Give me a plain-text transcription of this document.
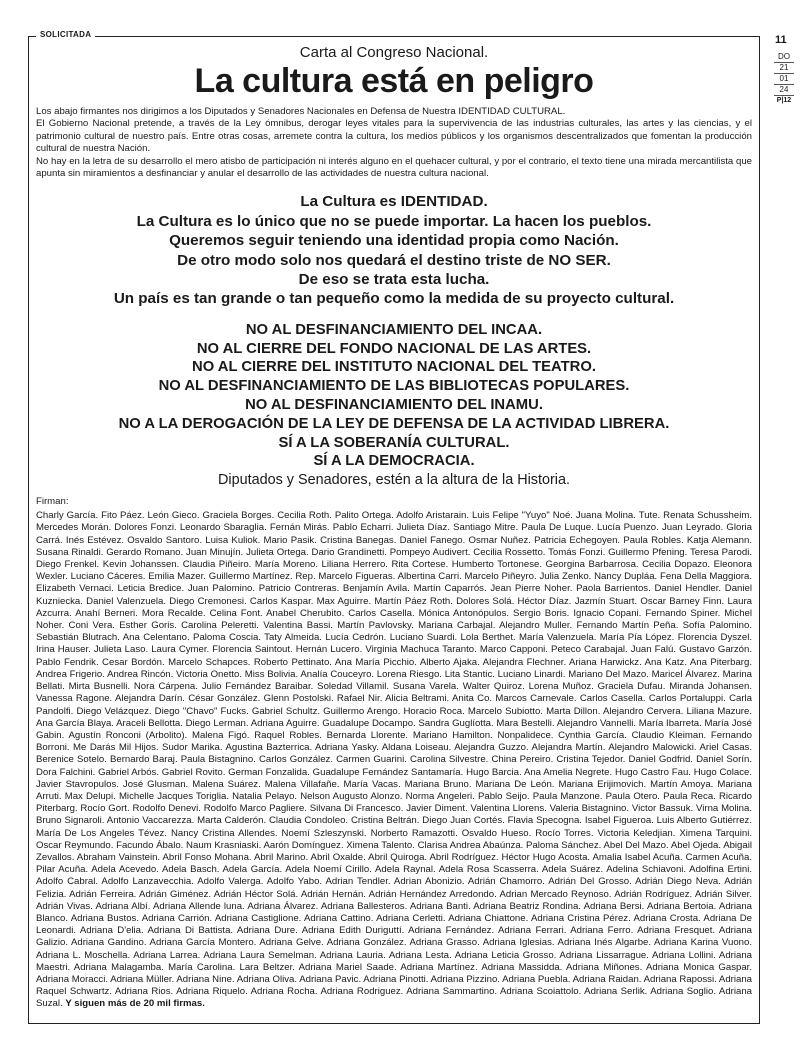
SOLICITADA	11
DO
21
01
24
P|12

Carta al Congreso Nacional.

La cultura está en peligro

Los abajo firmantes nos dirigimos a los Diputados y Senadores Nacionales en Defensa de Nuestra IDENTIDAD CULTURAL.

El Gobierno Nacional pretende, a través de la Ley ómnibus, derogar leyes vitales para la supervivencia de las industrias culturales, las artes y las ciencias, y el patrimonio cultural de nuestro país. Entre otras cosas, arremete contra la cultura, los medios públicos y los organismos descentralizados que fomentan la producción cultural de nuestra Nación.

No hay en la letra de su desarrollo el mero atisbo de participación ni interés alguno en el quehacer cultural, y por el contrario, el texto tiene una mirada mercantilista que apunta sin miramientos a desfinanciar y anular el desarrollo de las actividades de nuestra cultura nacional.

La Cultura es IDENTIDAD.
La Cultura es lo único que no se puede importar. La hacen los pueblos.
Queremos seguir teniendo una identidad propia como Nación.
De otro modo solo nos quedará el destino triste de NO SER.
De eso se trata esta lucha.
Un país es tan grande o tan pequeño como la medida de su proyecto cultural.
NO AL DESFINANCIAMIENTO DEL INCAA.
NO AL CIERRE DEL FONDO NACIONAL DE LAS ARTES.
NO AL CIERRE DEL INSTITUTO NACIONAL DEL TEATRO.
NO AL DESFINANCIAMIENTO DE LAS BIBLIOTECAS POPULARES.
NO AL DESFINANCIAMIENTO DEL INAMU.
NO A LA DEROGACIÓN DE LA LEY DE DEFENSA DE LA ACTIVIDAD LIBRERA.
SÍ A LA SOBERANÍA CULTURAL.
SÍ A LA DEMOCRACIA.
Diputados y Senadores, estén a la altura de la Historia.
Firman:
Charly García. Fito Páez. León Gieco. Graciela Borges. Cecilia Roth. Palito Ortega. Adolfo Aristarain. Luis Felipe "Yuyo" Noé. Juana Molina. Tute. Renata Schussheim. Mercedes Morán. Dolores Fonzi. Leonardo Sbaraglia. Fernán Mirás. Pablo Echarri. Julieta Díaz. Santiago Mitre. Paula De Luque. Lucía Puenzo. Juan Leyrado. Gloria Carrá. Inés Estévez. Osvaldo Santoro. Luisa Kuliok. Mario Pasik. Cristina Banegas. Daniel Fanego. Osmar Nuñez. Patricia Echegoyen. Paula Robles. Katja Alemann. Susana Rinaldi. Gerardo Romano. Juan Minujín. Julieta Ortega. Dario Grandinetti. Pompeyo Audivert. Cecilia Rossetto. Tomás Fonzi. Guillermo Pfening. Teresa Parodi. Diego Frenkel. Kevin Johanssen. Claudia Piñeiro. María Moreno. Liliana Herrero. Rita Cortese. Humberto Tortonese. Georgina Barbarrosa. Cecilia Dopazo. Eleonora Wexler. Luciano Cáceres. Emilia Mazer. Guillermo Martínez. Rep. Marcelo Figueras. Albertina Carri. Marcelo Piñeyro. Julia Zenko. Nancy Dupláa. Fena Della Maggiora. Elizabeth Vernaci. Leticia Bredice. Juan Palomino. Patricio Contreras. Benjamín Avila. Martín Caparrós. Jean Pierre Noher. Paola Barrientos. Daniel Hendler. Daniel Kuznieckа. Daniel Valenzuela. Diego Cremonesi. Carlos Kaspar. Max Aguirre. Martín Páez Roth. Dolores Solá. Héctor Díaz. Jazmín Stuart. Oscar Barney Finn. Laura Azcurra. Anahí Berneri. Mora Recalde. Celina Font. Anabel Cherubito. Carlos Casella. Mónica Antonópulos. Sergio Boris. Ignacio Copani. Fernando Spiner. Michel Noher. Coni Vera. Esther Goris. Carolina Peleretti. Valentina Bassi. Martín Pavlovsky. Mariana Carbajal. Alejandro Muller. Fernando Martín Peña. Sofía Palomino. Sebastián Blutrach. Ana Celentano. Paloma Coscia. Taty Almeida. Lucía Cedrón. Luciano Suardi. Lola Berthet. María Valenzuela. María Pía López. Florencia Dyszel. Irina Hauser. Julieta Laso. Laura Cymer. Florencia Saintout. Hernán Lucero. Virginia Machuca Taranto. Marco Capponi. Peteco Carabajal. Juan Falú. Gustavo Garzón. Pablo Fendrik. Cesar Bordón. Marcelo Schapces. Roberto Pettinato. Ana María Picchio. Alberto Ajaka. Alejandra Flechner. Ariana Harwickz. Ana Katz. Ana Piterbarg. Andrea Frigerio. Andrea Rincón. Victoria Onetto. Miss Bolivia. Analía Couceyro. Lorena Riesgo. Lita Stantic. Luciano Linardi. Mariano Del Mazo. Maricel Álvarez. Marina Bellati. Mirta Busnelli. Nora Cárpena. Julio Fernández Baraibar. Soledad Villamil. Susana Varela. Walter Quiroz. Lorena Muñoz. Graciela Dufau. Miranda Johansen. Vanessa Ragone. Alejandra Darín. César González. Glenn Postolski. Rafael Nir. Alicia Beltrami. Anita Co. Marcos Carnevale. Carlos Casella. Carlos Portaluppi. Carla Pandolfi. Diego Velázquez. Diego "Chavo" Fucks. Gabriel Schultz. Guillermo Arengo. Horacio Roca. Marcelo Subiotto. Marta Dillon. Alejandro Cervera. Liliana Mazure. Ana García Blaya. Araceli Bellotta. Diego Lerman. Adriana Aguirre. Guadalupe Docampo. Sandra Guglíotta. Mara Bestelli. Alejandro Vannelli. María Ibarreta. María José Gabin. Agustín Ronconi (Arbolito). Malena Figó. Raquel Robles. Bernarda Llorente. Mariano Hamilton. Nonpalidece. Cynthia García. Claudio Kleiman. Fernando Borroni. Me Darás Mil Hijos. Sudor Marika. Agustina Bazterrica. Adriana Yasky. Aldana Loiseau. Alejandra Guzzo. Alejandra Martín. Alejandro Malowicki. Ariel Casas. Berenice Sotelo. Bernardo Baraj. Paula Bistagnino. Carlos González. Carmen Guarini. Carolina Silvestre. China Pereiro. Cristina Tejedor. Daniel Godfrid. Daniel Sorín. Dora Falchini. Gabriel Arbós. Gabriel Rovito. German Fonzalida. Guadalupe Fernández Santamaría. Hugo Barcia. Ana Amelia Negrete. Hugo Castro Fau. Hugo Colace. Javier Stavropulos. José Glusman. Malena Suárez. Malena Villafañe. María Vacas. Mariana Bruno. Mariana De León. Mariana Erijimovich. Martín Amoya. Mariana Arruti. Max Delupi. Michelle Jacques Toriglia. Natalia Pelayo. Nelson Augusto Alonzo. Norma Angeleri. Pablo Seijo. Paula Manzone. Paula Otero. Paula Reca. Ricardo Piterbarg. Rocío Gort. Rodolfo Denevi. Rodolfo Marco Pagliere. Silvana Di Francesco. Javier Diment. Valentina Llorens. Valeria Bistagnino. Victor Bassuk. Virna Molina. Bruno Signaroli. Antonio Vaccarezza. Marta Calderón. Claudia Condoleo. Cristina Beltrán. Diego Juan Cortés. Flavia Specogna. Isabel Figueroa. Luis Alberto Gutiérrez. María De Los Angeles Tévez. Nancy Cristina Allendes. Noemí Szleszynski. Norberto Ramazotti. Osvaldo Hueso. Rocío Torres. Victoria Keledjian. Ximena Tarquini. Oscar Reymundo. Facundo Ábalo. Naum Krasniaski. Aarón Domínguez. Ximena Talento. Clarisa Andrea Abaúnza. Paloma Sánchez. Abel Del Mazo. Abel Ojeda. Abigail Zevallos. Abraham Vainstein. Abril Fonso Mohana. Abril Marino. Abril Oxalde. Abril Quiroga. Abril Rodríguez. Héctor Hugo Acosta. Amalia Isabel Acuña. Carmen Acuña. Pilar Acuña. Adela Acevedo. Adela Basch. Adela García. Adela Noemí Cirillo. Adela Raynal. Adela Rosa Scasserra. Adela Suárez. Adelina Schiavoni. Adolfina Ertini. Adolfo Cabral. Adolfo Lanzavecchia. Adolfo Valerga. Adolfo Yabo. Adrian Tendler. Adrian Abonizio. Adrián Chamorro. Adrián Del Grosso. Adrián Diego Neva. Adrián Felizia. Adrián Ferreira. Adrián Giménez. Adrián Héctor Solá. Adrián Hernán. Adrián Hernández Arredondo. Adrian Mercado Reynoso. Adrián Rodríguez. Adrián Silver. Adrián Vivas. Adriana Albí. Adriana Allende luna. Adriana Álvarez. Adriana Ballesteros. Adriana Banti. Adriana Beatriz Rondina. Adriana Bersi. Adriana Bertoia. Adriana Blanco. Adriana Bustos. Adriana Carrión. Adriana Castiglione. Adriana Cattino. Adriana Cerletti. Adriana Chiattone. Adriana Cristina Pérez. Adriana Crosta. Adriana De Leonardi. Adriana D'elia. Adriana Di Battista. Adriana Dure. Adriana Edith Duriguttí. Adriana Fernández. Adriana Ferrari. Adriana Ferro. Adriana Fresquet. Adriana Galizio. Adriana Gandino. Adriana García Montero. Adriana Gelve. Adriana González. Adriana Grasso. Adriana Iglesias. Adriana Inés Algarbe. Adriana Karina Vuono. Adriana L. Moschella. Adriana Larrea. Adriana Laura Semelman. Adriana Lauria. Adriana Lesta. Adriana Leticia Grosso. Adriana Lissarrague. Adriana Lollini. Adriana Maestri. Adriana Malagamba. María Carolina. Lara Beltzer. Adriana Mariel Saade. Adriana Martínez. Adriana Massidda. Adriana Miñones. Adriana Monica Gaspar. Adriana Moracci. Adriana Müller. Adriana Nine. Adriana Oliva. Adriana Pavic. Adriana Pinotti. Adriana Pizzino. Adriana Puebla. Adriana Raidan. Adriana Rapossi. Adriana Raquel Schwartz. Adriana Rios. Adriana Riquelo. Adriana Rocha. Adriana Rodriguez. Adriana Sammartino. Adriana Scoiattolo. Adriana Serlik. Adriana Soglio. Adriana Suzal. Y siguen más de 20 mil firmas.
